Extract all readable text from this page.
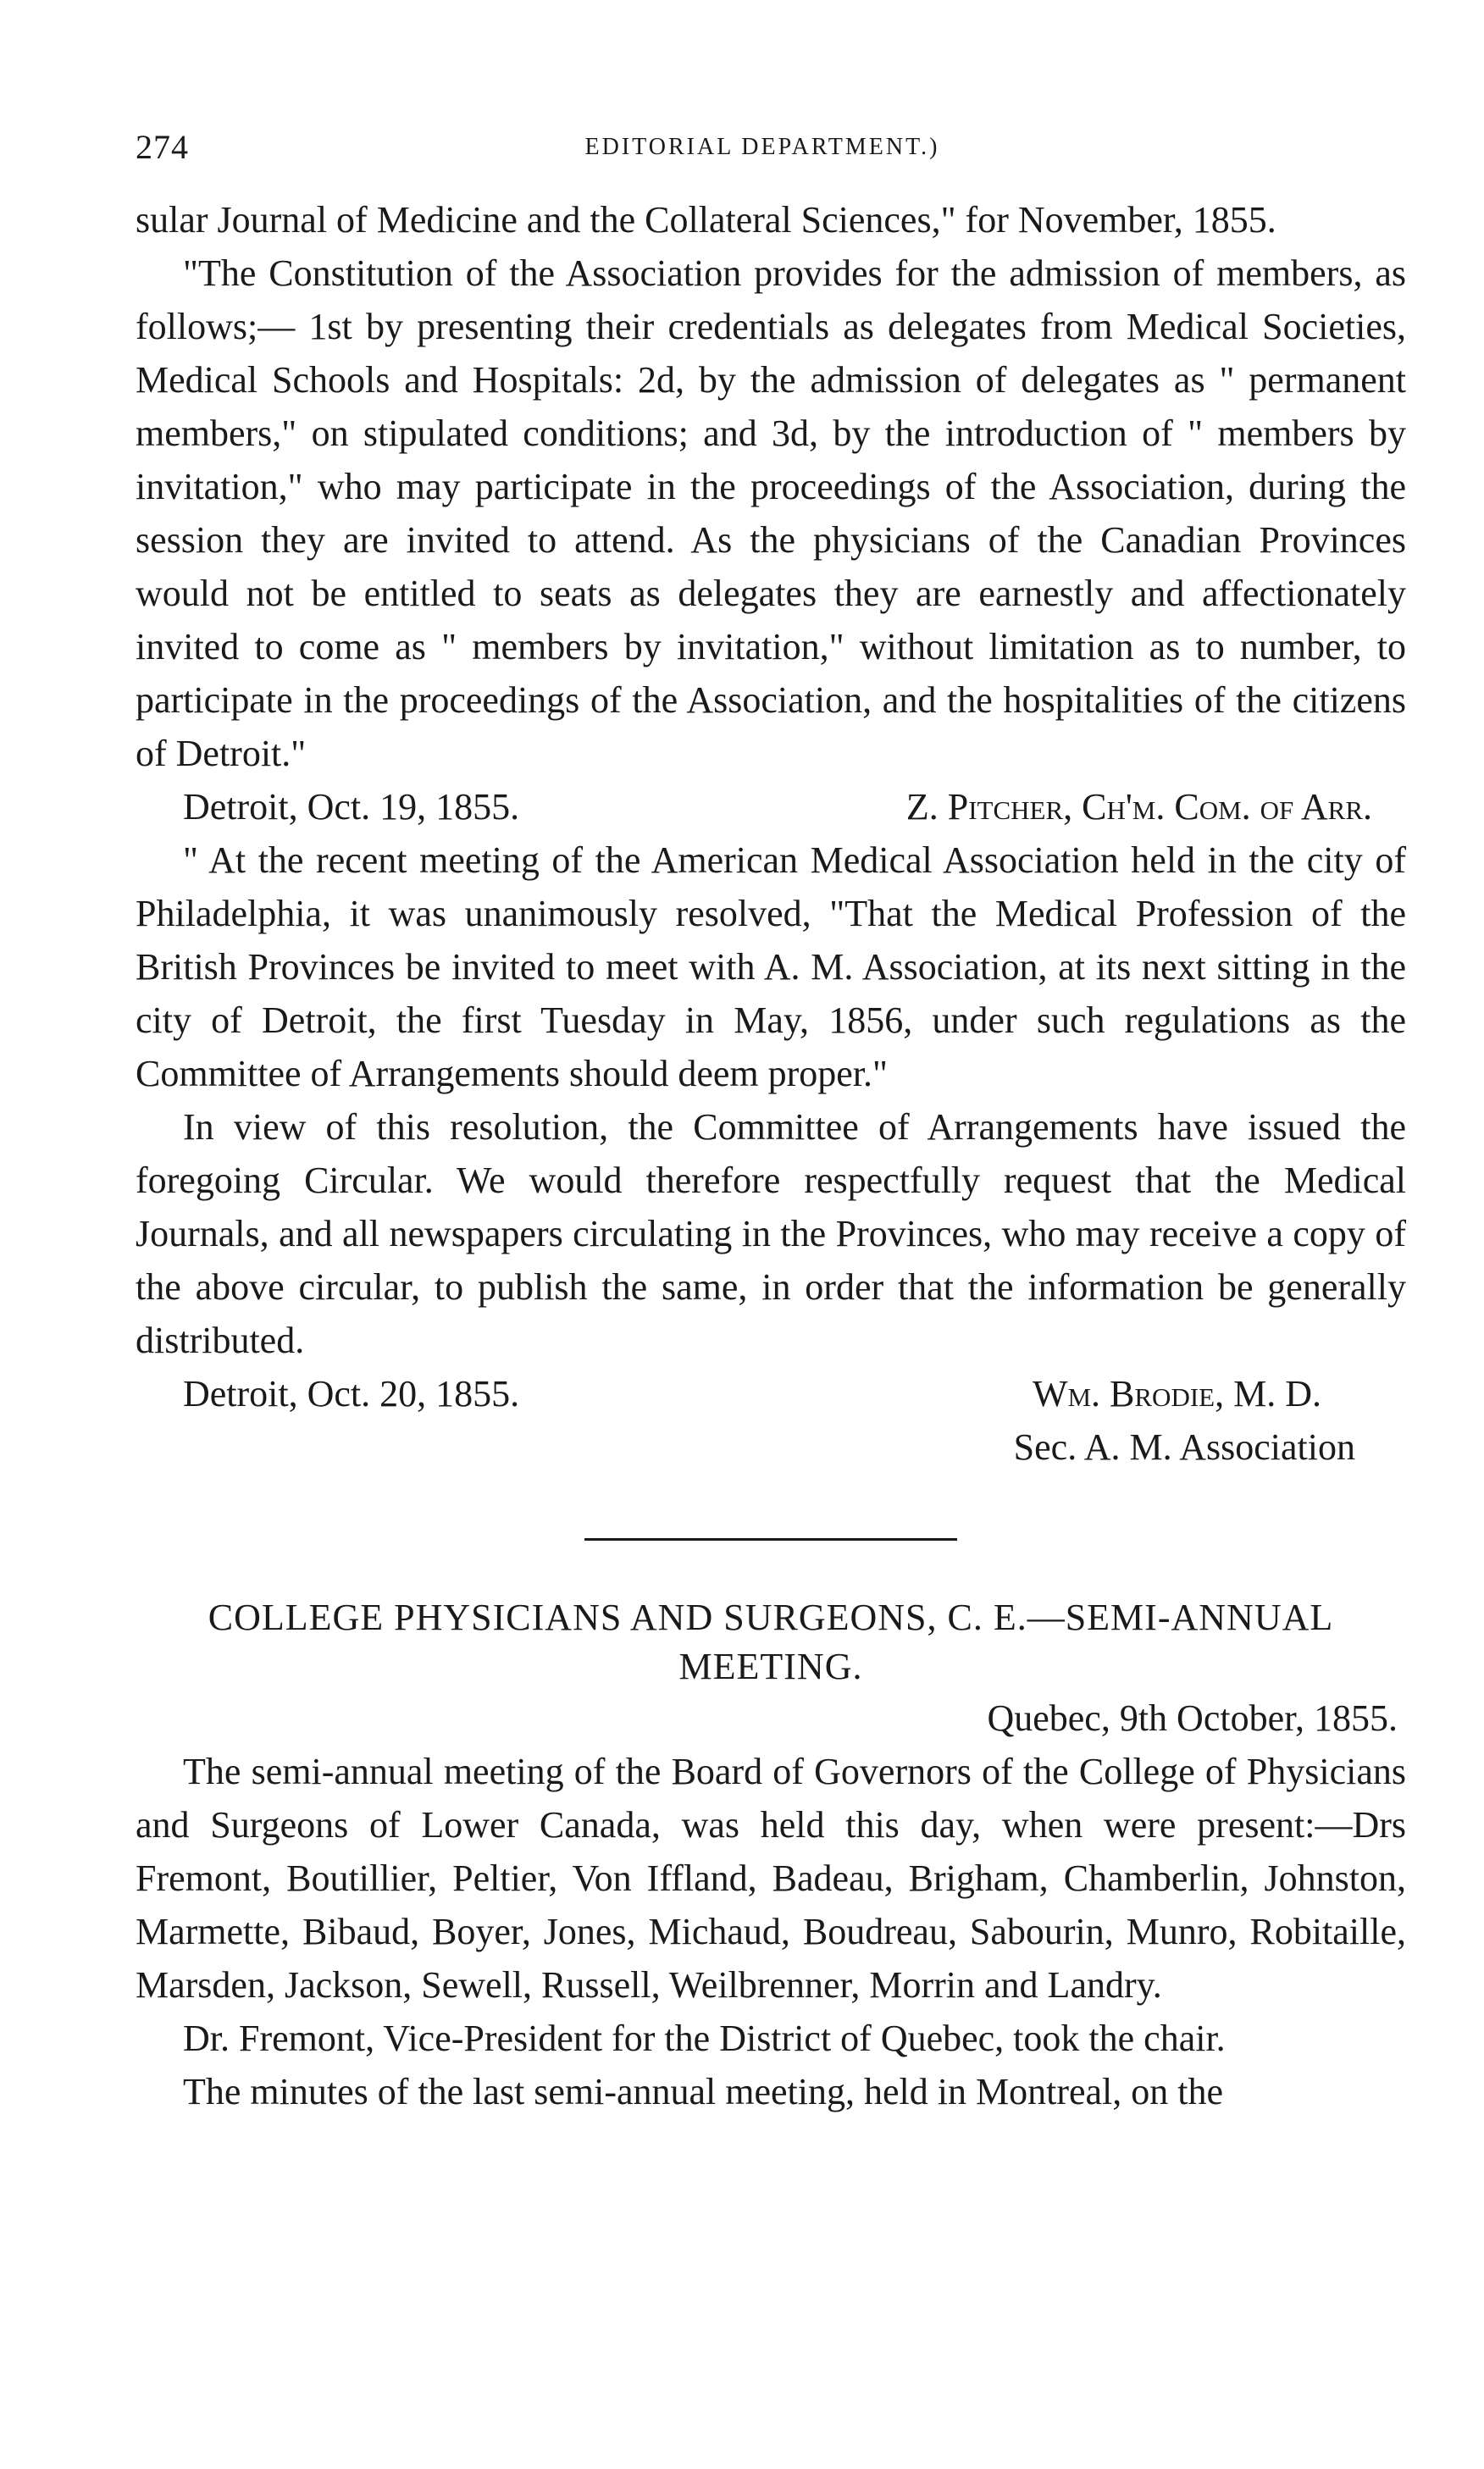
274	EDITORIAL DEPARTMENT.)

sular Journal of Medicine and the Collateral Sciences," for November, 1855.

"The Constitution of the Association provides for the admission of members, as follows;— 1st by presenting their credentials as delegates from Medical Societies, Medical Schools and Hospitals: 2d, by the admission of delegates as " permanent members," on stipulated conditions; and 3d, by the introduction of " members by invitation," who may participate in the proceedings of the Association, during the session they are invited to attend. As the physicians of the Canadian Provinces would not be entitled to seats as delegates they are earnestly and affectionately invited to come as " members by invitation," without limitation as to number, to participate in the proceedings of the Association, and the hospitalities of the citizens of Detroit."

Detroit, Oct. 19, 1855.	Z. Pitcher, Ch'm. Com. of Arr.

" At the recent meeting of the American Medical Association held in the city of Philadelphia, it was unanimously resolved, "That the Medical Profession of the British Provinces be invited to meet with A. M. Association, at its next sitting in the city of Detroit, the first Tuesday in May, 1856, under such regulations as the Committee of Arrangements should deem proper."

In view of this resolution, the Committee of Arrangements have issued the foregoing Circular. We would therefore respectfully request that the Medical Journals, and all newspapers circulating in the Provinces, who may receive a copy of the above circular, to publish the same, in order that the information be generally distributed.

Detroit, Oct. 20, 1855.	Wm. Brodie, M. D.
Sec. A. M. Association
COLLEGE PHYSICIANS AND SURGEONS, C. E.—SEMI-ANNUAL MEETING.
Quebec, 9th October, 1855.

The semi-annual meeting of the Board of Governors of the College of Physicians and Surgeons of Lower Canada, was held this day, when were present:—Drs Fremont, Boutillier, Peltier, Von Iffland, Badeau, Brigham, Chamberlin, Johnston, Marmette, Bibaud, Boyer, Jones, Michaud, Boudreau, Sabourin, Munro, Robitaille, Marsden, Jackson, Sewell, Russell, Weilbrenner, Morrin and Landry.

Dr. Fremont, Vice-President for the District of Quebec, took the chair.

The minutes of the last semi-annual meeting, held in Montreal, on the
